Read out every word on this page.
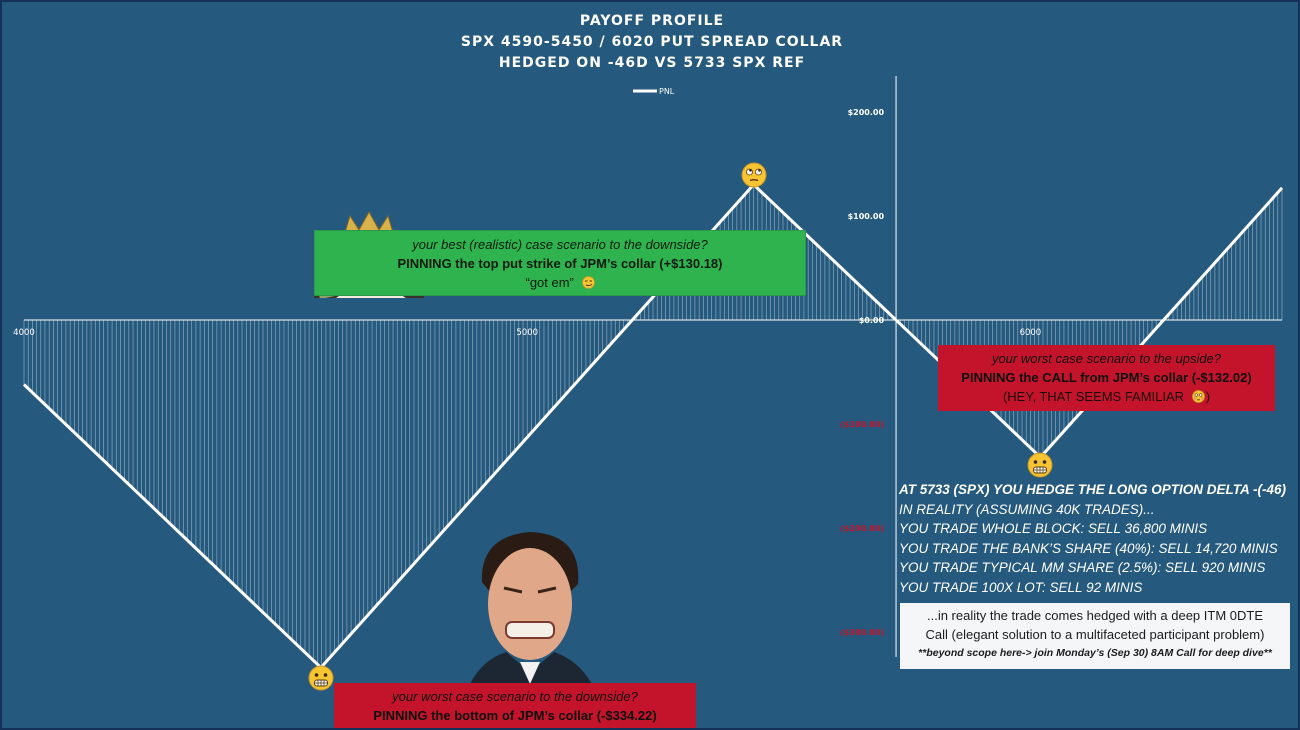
PAYOFF PROFILE
SPX 4590-5450 / 6020 PUT SPREAD COLLAR
HEDGED ON -46D VS 5733 SPX REF
PNL
4000	5000	6000
$200.00
$100.00
$0.00
($100.00)
($200.00)
($300.00)
your best (realistic) case scenario to the downside?
PINNING the top put strike of JPM’s collar (+$130.18)
“got em”
your worst case scenario to the upside?
PINNING the CALL from JPM’s collar (-$132.02)
(HEY, THAT SEEMS FAMILIAR )
your worst case scenario to the downside?
PINNING the bottom of JPM’s collar (-$334.22)
AT 5733 (SPX) YOU HEDGE THE LONG OPTION DELTA -(-46)
IN REALITY (ASSUMING 40K TRADES)...
YOU TRADE WHOLE BLOCK: SELL 36,800 MINIS
YOU TRADE THE BANK’S SHARE (40%): SELL 14,720 MINIS
YOU TRADE TYPICAL MM SHARE (2.5%): SELL 920 MINIS
YOU TRADE 100X LOT: SELL 92 MINIS
...in reality the trade comes hedged with a deep ITM 0DTE
Call (elegant solution to a multifaceted participant problem)
**beyond scope here-> join Monday’s (Sep 30) 8AM Call for deep dive**
